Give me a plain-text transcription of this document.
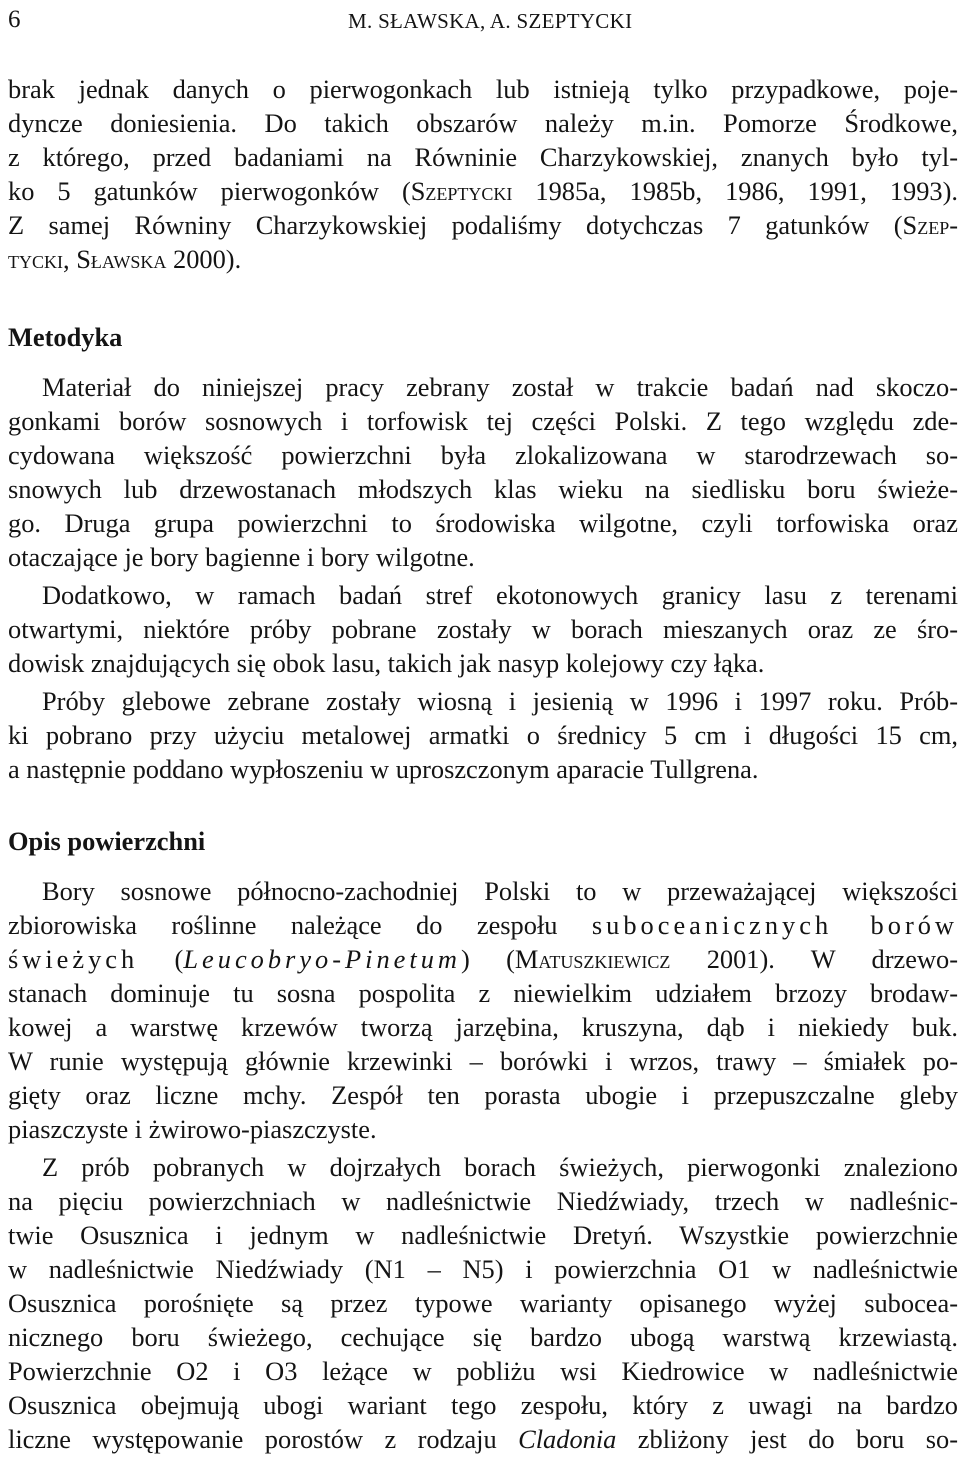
6	M. SŁAWSKA, A. SZEPTYCKI
brak jednak danych o pierwogonkach lub istnieją tylko przypadkowe, poje-
dyncze doniesienia. Do takich obszarów należy m.in. Pomorze Środkowe,
z którego, przed badaniami na Równinie Charzykowskiej, znanych było tyl-
ko 5 gatunków pierwogonków (Szeptycki 1985a, 1985b, 1986, 1991, 1993).
Z samej Równiny Charzykowskiej podaliśmy dotychczas 7 gatunków (Szep-
tycki, Sławska 2000).
Metodyka
Materiał do niniejszej pracy zebrany został w trakcie badań nad skoczo-
gonkami borów sosnowych i torfowisk tej części Polski. Z tego względu zde-
cydowana większość powierzchni była zlokalizowana w starodrzewach so-
snowych lub drzewostanach młodszych klas wieku na siedlisku boru świeże-
go. Druga grupa powierzchni to środowiska wilgotne, czyli torfowiska oraz
otaczające je bory bagienne i bory wilgotne.
Dodatkowo, w ramach badań stref ekotonowych granicy lasu z terenami
otwartymi, niektóre próby pobrane zostały w borach mieszanych oraz ze śro-
dowisk znajdujących się obok lasu, takich jak nasyp kolejowy czy łąka.
Próby glebowe zebrane zostały wiosną i jesienią w 1996 i 1997 roku. Prób-
ki pobrano przy użyciu metalowej armatki o średnicy 5 cm i długości 15 cm,
a następnie poddano wypłoszeniu w uproszczonym aparacie Tullgrena.
Opis powierzchni
Bory sosnowe północno-zachodniej Polski to w przeważającej większości
zbiorowiska roślinne należące do zespołu suboceanicznych borów
świeżych (Leucobryo-Pinetum) (Matuszkiewicz 2001). W drzewo-
stanach dominuje tu sosna pospolita z niewielkim udziałem brzozy brodaw-
kowej a warstwę krzewów tworzą jarzębina, kruszyna, dąb i niekiedy buk.
W runie występują głównie krzewinki – borówki i wrzos, trawy – śmiałek po-
gięty oraz liczne mchy. Zespół ten porasta ubogie i przepuszczalne gleby
piaszczyste i żwirowo-piaszczyste.
Z prób pobranych w dojrzałych borach świeżych, pierwogonki znaleziono
na pięciu powierzchniach w nadleśnictwie Niedźwiady, trzech w nadleśnic-
twie Osusznica i jednym w nadleśnictwie Dretyń. Wszystkie powierzchnie
w nadleśnictwie Niedźwiady (N1 – N5) i powierzchnia O1 w nadleśnictwie
Osusznica porośnięte są przez typowe warianty opisanego wyżej subocea-
nicznego boru świeżego, cechujące się bardzo ubogą warstwą krzewiastą.
Powierzchnie O2 i O3 leżące w pobliżu wsi Kiedrowice w nadleśnictwie
Osusznica obejmują ubogi wariant tego zespołu, który z uwagi na bardzo
liczne występowanie porostów z rodzaju Cladonia zbliżony jest do boru so-
